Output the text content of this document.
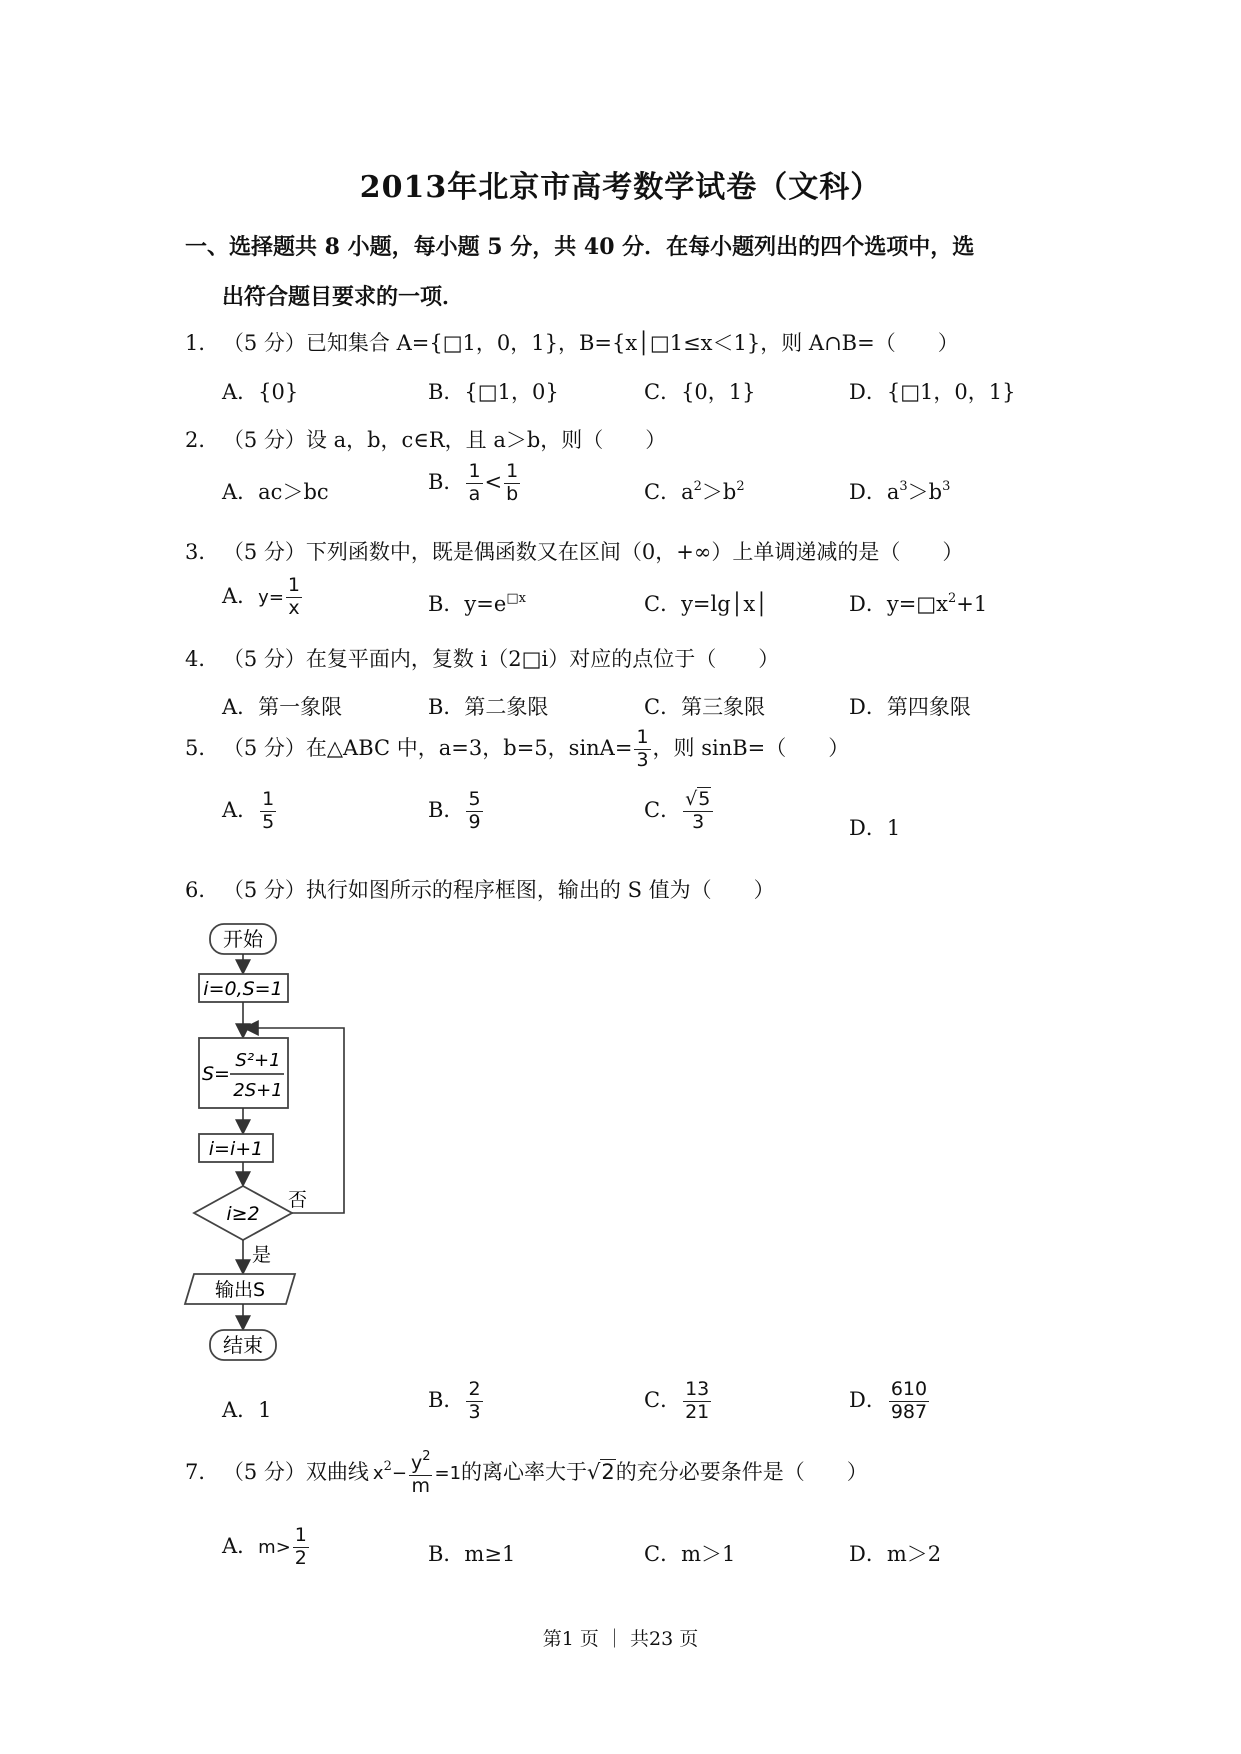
2013年北京市高考数学试卷（文科）
一、选择题共 8 小题，每小题 5 分，共 40 分．在每小题列出的四个选项中，选
出符合题目要求的一项．
1． （5 分）已知集合 A={□1，0，1}，B={x│□1≤x＜1}，则 A∩B=（　　）
A．{0}	B．{□1，0}	C．{0，1}	D．{□1，0，1}
2． （5 分）设 a，b，c∈R，且 a＞b，则（　　）
A．ac＞bc	B． $\frac{1}{a} < \frac{1}{b}$	C．$a^2>b^2$	D．$a^3>b^3$
3． （5 分）下列函数中，既是偶函数又在区间（0，+∞）上单调递减的是（　　）
A．$y= \frac{1}{x}$	B．$y=e^{□x}$	C．y=lg│x│	D．$y=□x^2+1$
4． （5 分）在复平面内，复数 i（2□i）对应的点位于（　　）
A．第一象限	B．第二象限	C．第三象限	D．第四象限
5． （5 分）在△ABC 中，a=3，b=5，$\sin A= \frac{1}{3}$ ，则 sinB=（　　）
A． $\frac{1}{5}$	B． $\frac{5}{9}$	C． $\frac{√5}{3}$	D．1
6． （5 分）执行如图所示的程序框图，输出的 S 值为（　　）
开始
i=0,S=1
S=
S²+1
2S+1
i=i+1
i≥2
否
是
输出S
结束
A．1	B． $\frac{2}{3}$	C． $\frac{13}{21}$	D． $\frac{610}{987}$
7． （5 分）双曲线 $x^2- \frac{y^2}{m} =1$的离心率大于√2的充分必要条件是（　　）
A．$m> \frac{1}{2}$	B．m≥1	C．m＞1	D．m＞2
第1 页 ｜ 共23 页
